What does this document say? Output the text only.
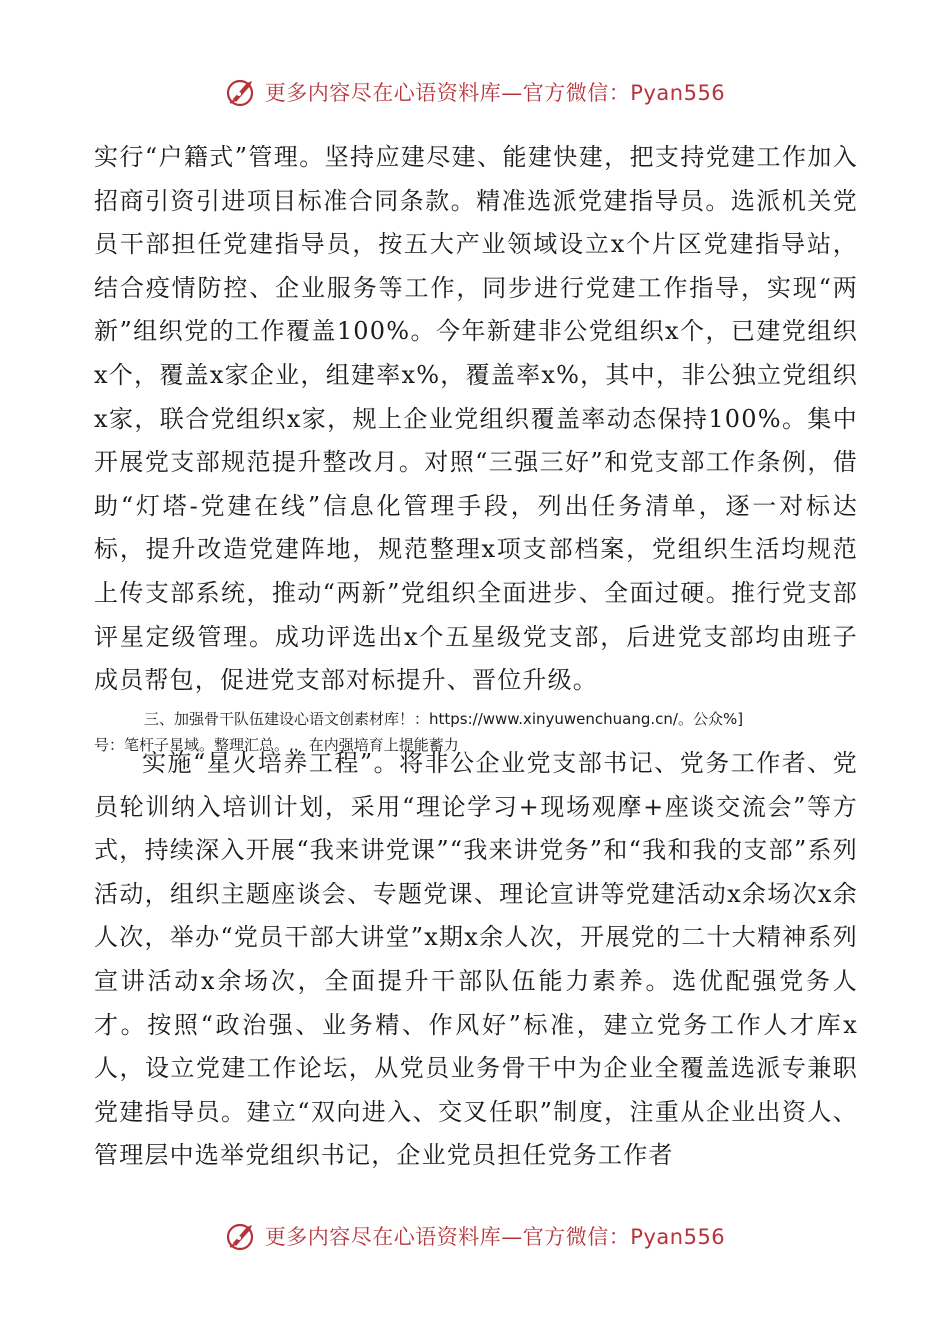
更多内容尽在心语资料库—官方微信：Pyan556

实行“户籍式”管理。坚持应建尽建、能建快建，把支持党建工作加入招商引资引进项目标准合同条款。精准选派党建指导员。选派机关党员干部担任党建指导员，按五大产业领域设立x个片区党建指导站，结合疫情防控、企业服务等工作，同步进行党建工作指导，实现“两新”组织党的工作覆盖100%。今年新建非公党组织x个，已建党组织x个，覆盖x家企业，组建率x%，覆盖率x%，其中，非公独立党组织x家，联合党组织x家，规上企业党组织覆盖率动态保持100%。集中开展党支部规范提升整改月。对照“三强三好”和党支部工作条例，借助“灯塔-党建在线”信息化管理手段，列出任务清单，逐一对标达标，提升改造党建阵地，规范整理x项支部档案，党组织生活均规范上传支部系统，推动“两新”党组织全面进步、全面过硬。推行党支部评星定级管理。成功评选出x个五星级党支部，后进党支部均由班子成员帮包，促进党支部对标提升、晋位升级。

三、加强骨干队伍建设心语文创素材库！：https://www.xinyuwenchuang.cn/。公众%]
号：笔杆子星域。整理汇总。,，在内强培育上提能蓄力

实施“星火培养工程”。将非公企业党支部书记、党务工作者、党员轮训纳入培训计划，采用“理论学习+现场观摩+座谈交流会”等方式，持续深入开展“我来讲党课”“我来讲党务”和“我和我的支部”系列活动，组织主题座谈会、专题党课、理论宣讲等党建活动x余场次x余人次，举办“党员干部大讲堂”x期x余人次，开展党的二十大精神系列宣讲活动x余场次，全面提升干部队伍能力素养。选优配强党务人才。按照“政治强、业务精、作风好”标准，建立党务工作人才库x人，设立党建工作论坛，从党员业务骨干中为企业全覆盖选派专兼职党建指导员。建立“双向进入、交叉任职”制度，注重从企业出资人、管理层中选举党组织书记，企业党员担任党务工作者

更多内容尽在心语资料库—官方微信：Pyan556
